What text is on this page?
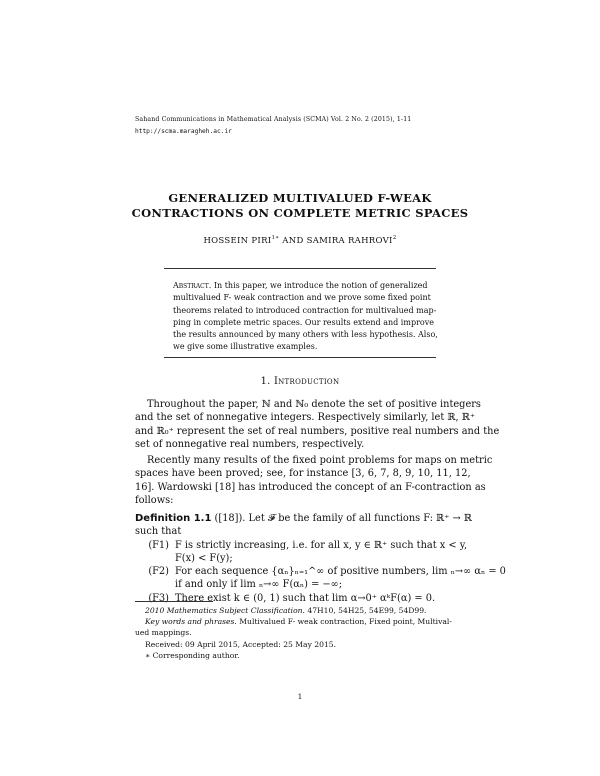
Sahand Communications in Mathematical Analysis (SCMA) Vol. 2 No. 2 (2015), 1-11
http://scma.maragheh.ac.ir
GENERALIZED MULTIVALUED F-WEAK
CONTRACTIONS ON COMPLETE METRIC SPACES
HOSSEIN $PIRI^{1∗}$ AND SAMIRA RAHROVI$^2$
Abstract. In this paper, we introduce the notion of generalized
multivalued F- weak contraction and we prove some fixed point
theorems related to introduced contraction for multivalued map-
ping in complete metric spaces. Our results extend and improve
the results announced by many others with less hypothesis. Also,
we give some illustrative examples.
1. Introduction
Throughout the paper, ℕ and ℕ₀ denote the set of positive integers
and the set of nonnegative integers. Respectively similarly, let ℝ, ℝ⁺
and ℝ₀⁺ represent the set of real numbers, positive real numbers and the
set of nonnegative real numbers, respectively.
Recently many results of the fixed point problems for maps on metric
spaces have been proved; see, for instance [3, 6, 7, 8, 9, 10, 11, 12,
16]. Wardowski [18] has introduced the concept of an F-contraction as
follows:
Definition 1.1 ([18]). Let 𝓕 be the family of all functions F: ℝ⁺ → ℝ
such that
(F1) F is strictly increasing, i.e. for all x, y ∈ ℝ⁺ such that x < y,
F(x) < F(y);
(F2) For each sequence {αₙ}ₙ₌₁^∞ of positive numbers, lim ₙ→∞ αₙ = 0
if and only if lim ₙ→∞ F(αₙ) = −∞;
(F3) There exist k ∈ (0, 1) such that lim α→0⁺ αᵏF(α) = 0.
2010 Mathematics Subject Classification. 47H10, 54H25, 54E99, 54D99.
Key words and phrases. Multivalued F- weak contraction, Fixed point, Multival-
ued mappings.
Received: 09 April 2015, Accepted: 25 May 2015.
∗ Corresponding author.
1
